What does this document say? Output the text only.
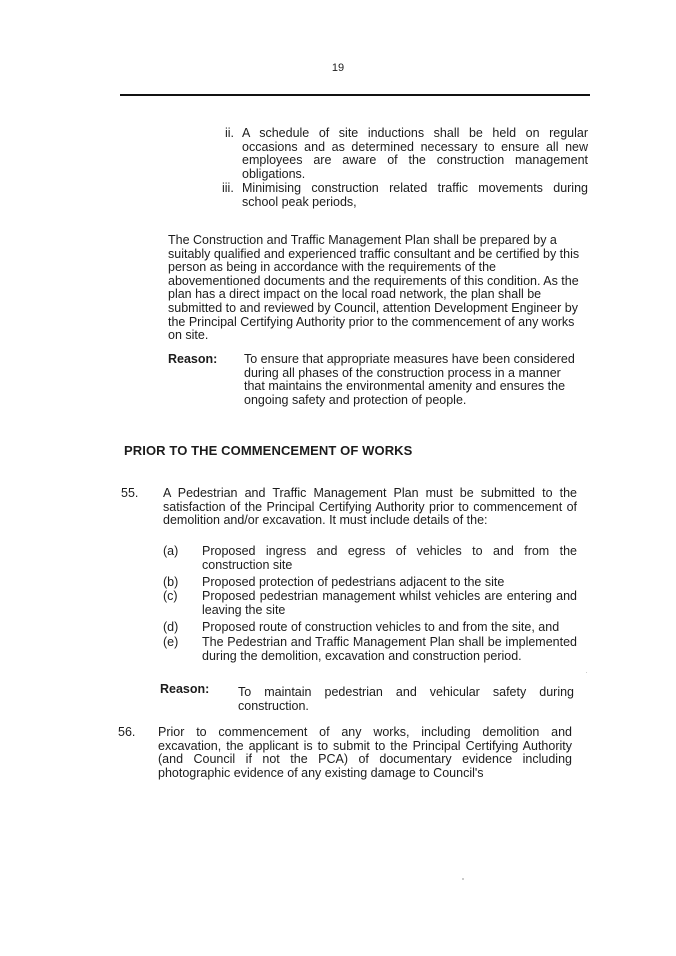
19
ii. A schedule of site inductions shall be held on regular occasions and as determined necessary to ensure all new employees are aware of the construction management obligations.
iii. Minimising construction related traffic movements during school peak periods,
The Construction and Traffic Management Plan shall be prepared by a suitably qualified and experienced traffic consultant and be certified by this person as being in accordance with the requirements of the abovementioned documents and the requirements of this condition. As the plan has a direct impact on the local road network, the plan shall be submitted to and reviewed by Council, attention Development Engineer by the Principal Certifying Authority prior to the commencement of any works on site.
Reason: To ensure that appropriate measures have been considered during all phases of the construction process in a manner that maintains the environmental amenity and ensures the ongoing safety and protection of people.
PRIOR TO THE COMMENCEMENT OF WORKS
55. A Pedestrian and Traffic Management Plan must be submitted to the satisfaction of the Principal Certifying Authority prior to commencement of demolition and/or excavation. It must include details of the:
(a) Proposed ingress and egress of vehicles to and from the construction site
(b) Proposed protection of pedestrians adjacent to the site
(c) Proposed pedestrian management whilst vehicles are entering and leaving the site
(d) Proposed route of construction vehicles to and from the site, and
(e) The Pedestrian and Traffic Management Plan shall be implemented during the demolition, excavation and construction period.
Reason: To maintain pedestrian and vehicular safety during construction.
56. Prior to commencement of any works, including demolition and excavation, the applicant is to submit to the Principal Certifying Authority (and Council if not the PCA) of documentary evidence including photographic evidence of any existing damage to Council's
